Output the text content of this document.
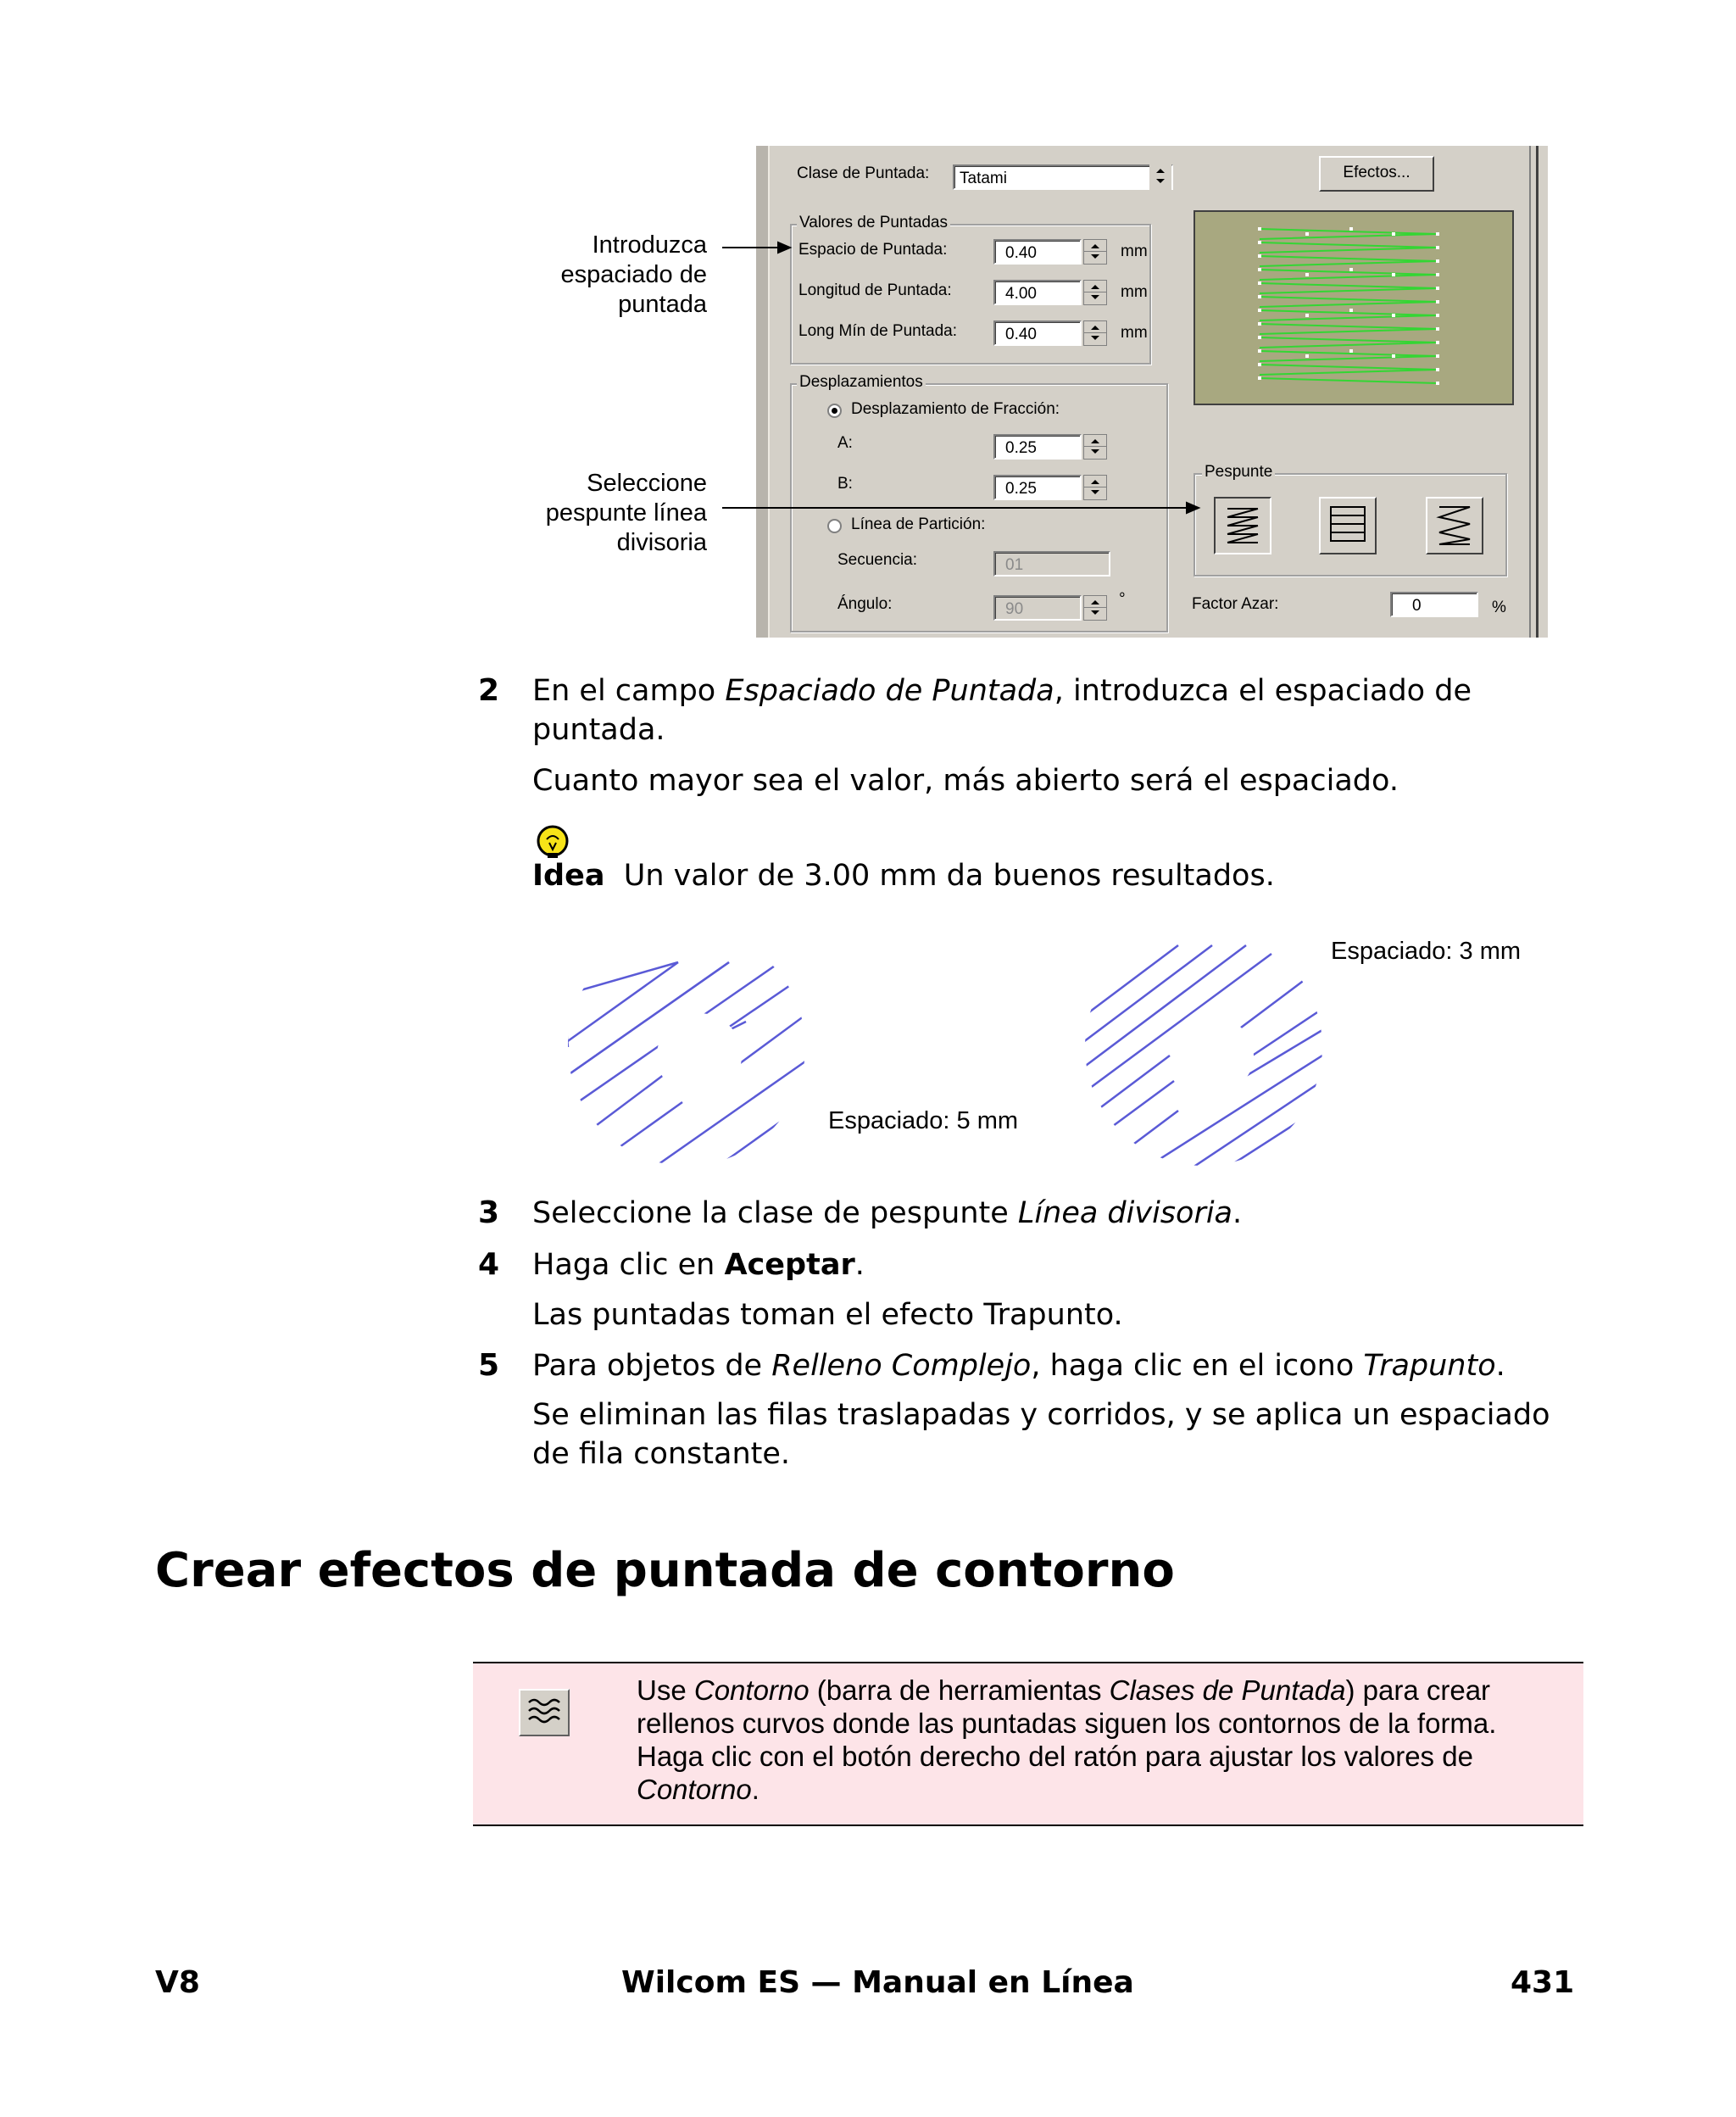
Clase de Puntada:	Tatami	Efectos...
Valores de Puntadas
Espacio de Puntada:	0.40	mm
Longitud de Puntada:	4.00	mm
Long Mín de Puntada:	0.40	mm
Desplazamientos
Desplazamiento de Fracción:
A:	0.25
B:	0.25
Línea de Partición:
Secuencia:	01
Ángulo:	90
°
Pespunte
Factor Azar:	0	%
Introduzca
espaciado de
puntada
Seleccione
pespunte línea
divisoria
2 En el campo Espaciado de Puntada, introduzca el espaciado de puntada.
Cuanto mayor sea el valor, más abierto será el espaciado.
Idea Un valor de 3.00 mm da buenos resultados.
Espaciado: 5 mm
Espaciado: 3 mm
3 Seleccione la clase de pespunte Línea divisoria.
4 Haga clic en Aceptar.
Las puntadas toman el efecto Trapunto.
5 Para objetos de Relleno Complejo, haga clic en el icono Trapunto.
Se eliminan las filas traslapadas y corridos, y se aplica un espaciado de fila constante.
Crear efectos de puntada de contorno
Use Contorno (barra de herramientas Clases de Puntada) para crear rellenos curvos donde las puntadas siguen los contornos de la forma. Haga clic con el botón derecho del ratón para ajustar los valores de Contorno.
V8	Wilcom ES — Manual en Línea	431
